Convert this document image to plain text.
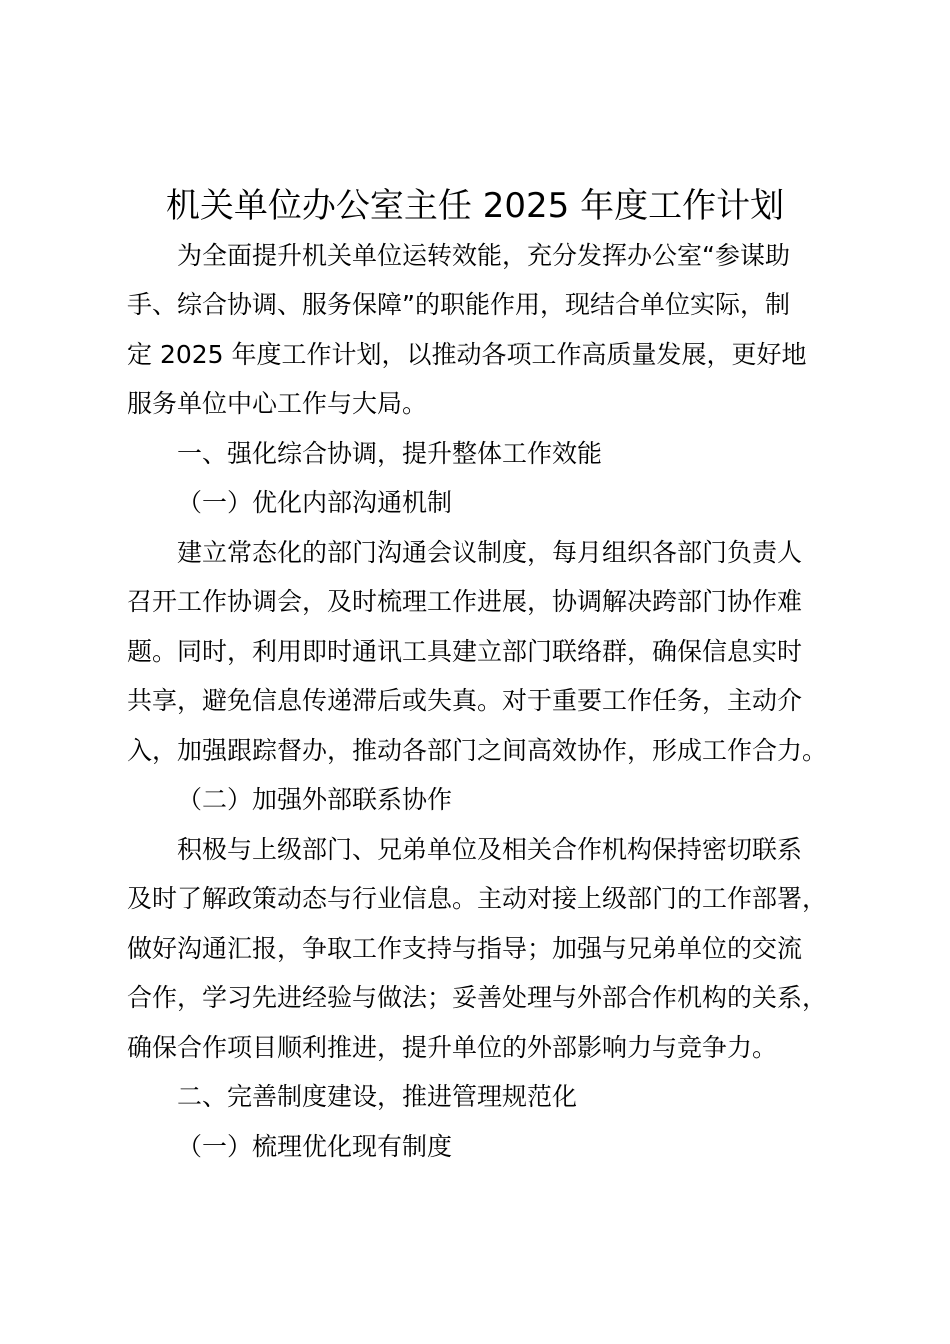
机关单位办公室主任 2025 年度工作计划
为全面提升机关单位运转效能，充分发挥办公室“参谋助
手、综合协调、服务保障”的职能作用，现结合单位实际，制
定 2025 年度工作计划，以推动各项工作高质量发展，更好地
服务单位中心工作与大局。
一、强化综合协调，提升整体工作效能
（一）优化内部沟通机制
建立常态化的部门沟通会议制度，每月组织各部门负责人
召开工作协调会，及时梳理工作进展，协调解决跨部门协作难
题。同时，利用即时通讯工具建立部门联络群，确保信息实时
共享，避免信息传递滞后或失真。对于重要工作任务，主动介
入，加强跟踪督办，推动各部门之间高效协作，形成工作合力。
（二）加强外部联系协作
积极与上级部门、兄弟单位及相关合作机构保持密切联系
及时了解政策动态与行业信息。主动对接上级部门的工作部署，
做好沟通汇报，争取工作支持与指导；加强与兄弟单位的交流
合作，学习先进经验与做法；妥善处理与外部合作机构的关系，
确保合作项目顺利推进，提升单位的外部影响力与竞争力。
二、完善制度建设，推进管理规范化
（一）梳理优化现有制度
